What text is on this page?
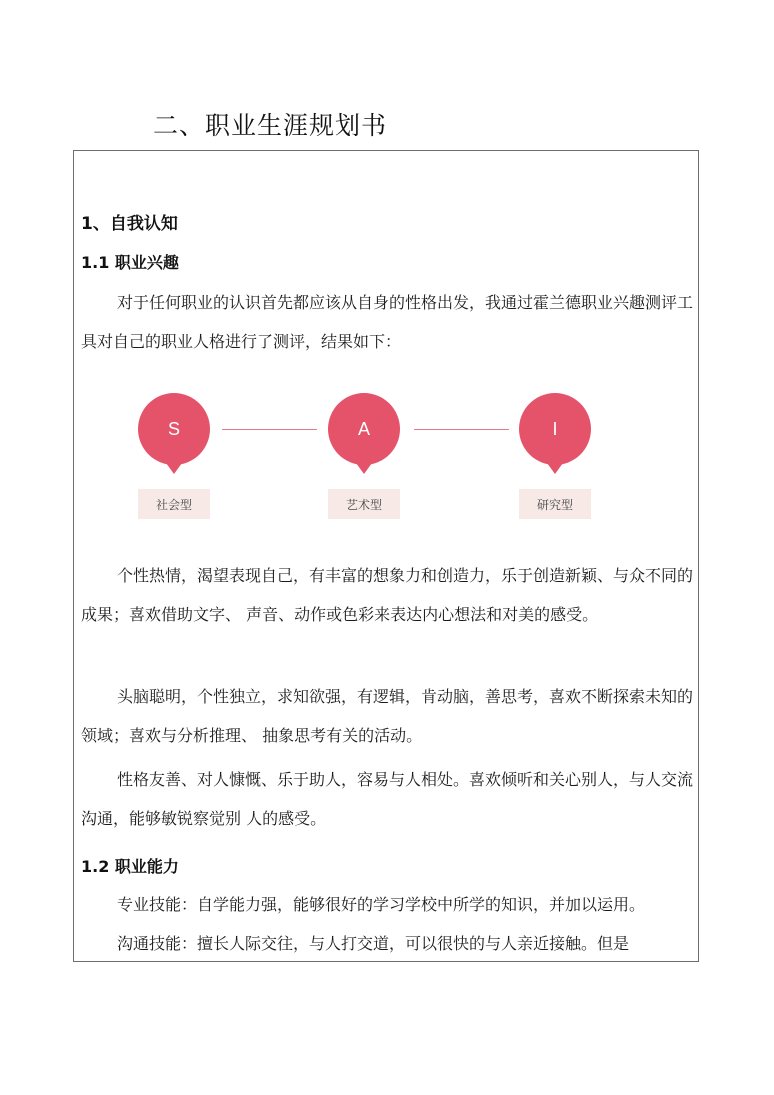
二、职业生涯规划书
1、自我认知
1.1 职业兴趣
对于任何职业的认识首先都应该从自身的性格出发，我通过霍兰德职业兴趣测评工具对自己的职业人格进行了测评，结果如下：
S
社会型
A
艺术型
I
研究型
个性热情，渴望表现自己，有丰富的想象力和创造力，乐于创造新颖、与众不同的成果；喜欢借助文字、 声音、动作或色彩来表达内心想法和对美的感受。
头脑聪明，个性独立，求知欲强，有逻辑，肯动脑，善思考，喜欢不断探索未知的领域；喜欢与分析推理、 抽象思考有关的活动。
性格友善、对人慷慨、乐于助人，容易与人相处。喜欢倾听和关心别人，与人交流沟通，能够敏锐察觉别 人的感受。
1.2 职业能力
专业技能：自学能力强，能够很好的学习学校中所学的知识，并加以运用。
沟通技能：擅长人际交往，与人打交道，可以很快的与人亲近接触。但是
